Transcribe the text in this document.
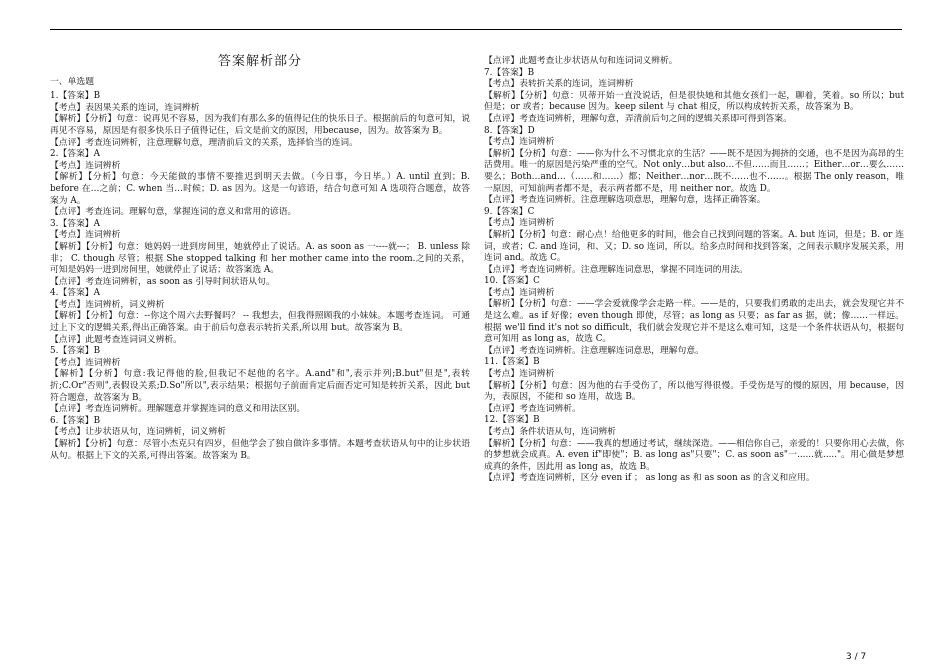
答案解析部分
一、单选题

1.【答案】B

【考点】表因果关系的连词，连词辨析

【解析】【分析】句意：说再见不容易，因为我们有那么多的值得记住的快乐日子。根据前后的句意可知，说再见不容易，原因是有很多快乐日子值得记住，后文是前文的原因，用because，因为。故答案为 B。

【点评】考查连词辨析，注意理解句意，理清前后文的关系，选择恰当的连词。

2.【答案】A

【考点】连词辨析

【解析】【分析】句意：今天能做的事情不要推迟到明天去做。（今日事，今日毕。）A. until 直到；B. before 在…之前；C. when 当…时候；D. as 因为。这是一句谚语，结合句意可知 A 选项符合题意，故答案为 A。

【点评】考查连词。理解句意，掌握连词的意义和常用的谚语。

3.【答案】A

【考点】连词辨析

【解析】【分析】句意：她妈妈一进到房间里，她就停止了说话。A. as soon as 一----就---； B. unless 除非； C. though 尽管；根据 She stopped talking 和 her mother came into the room.之间的关系，可知是妈妈一进到房间里，她就停止了说话；故答案选 A。

【点评】考查连词辨析，as soon as 引导时间状语从句。

4.【答案】A

【考点】连词辨析，词义辨析

【解析】【分析】句意：--你这个周六去野餐吗？ -- 我想去，但我得照顾我的小妹妹。本题考查连词。 可通过上下文的逻辑关系,得出正确答案。由于前后句意表示转折关系,所以用 but。故答案为 B。

【点评】此题考查连词词义辨析。

5.【答案】B

【考点】连词辨析

【解析】【分析】句意:我记得他的脸,但我记不起他的名字。A.and"和",表示并列;B.but"但是",表转折;C.Or"否则",表假设关系;D.So"所以",表示结果；根据句子前面肯定后面否定可知是转折关系，因此 but 符合题意，故答案为 B。

【点评】考查连词辨析。理解题意并掌握连词的意义和用法区别。

6.【答案】B

【考点】让步状语从句，连词辨析，词义辨析

【解析】【分析】句意：尽管小杰克只有四岁，但他学会了独自做许多事情。本题考查状语从句中的让步状语从句。根据上下文的关系,可得出答案。故答案为 B。

【点评】此题考查让步状语从句和连词词义辨析。

7.【答案】B

【考点】表转折关系的连词，连词辨析

【解析】【分析】句意：贝蒂开始一直没说话，但是很快她和其他女孩们一起，聊着，笑着。so 所以；but 但是；or 或者；because 因为。keep silent 与 chat 相反，所以构成转折关系，故答案为 B。

【点评】考查连词辨析，理解句意，弄清前后句之间的逻辑关系即可得到答案。

8.【答案】D

【考点】连词辨析

【解析】【分析】句意：——你为什么不习惯北京的生活？——既不是因为拥挤的交通，也不是因为高昂的生活费用。唯一的原因是污染严重的空气。Not only…but also…不但……而且……；Either…or…要么……要么；Both…and…（……和……）都；Neither…nor…既不……也不……。根据 The only reason，唯一原因，可知前两者都不是，表示两者都不是，用 neither nor。故选 D。

【点评】考查连词辨析。注意理解选项意思，理解句意，选择正确答案。

9.【答案】C

【考点】连词辨析

【解析】【分析】句意：耐心点！给他更多的时间，他会自己找到问题的答案。A. but 连词，但是；B. or 连词，或者；C. and 连词，和、又；D. so 连词，所以。给多点时间和找到答案，之间表示顺序发展关系，用连词 and。故选 C。

【点评】考查连词辨析。注意理解连词意思，掌握不同连词的用法。

10.【答案】C

【考点】连词辨析

【解析】【分析】句意：——学会爱就像学会走路一样。——是的，只要我们勇敢的走出去，就会发现它并不是这么难。as if 好像；even though 即使，尽管；as long as 只要；as far as 据，就；像……一样远。根据 we'll find it's not so difficult，我们就会发现它并不是这么难可知，这是一个条件状语从句，根据句意可知用 as long as，故选 C。

【点评】考查连词辨析。注意理解连词意思，理解句意。

11.【答案】B

【考点】连词辨析

【解析】【分析】句意：因为他的右手受伤了，所以他写得很慢。手受伤是写的慢的原因，用 because，因为，表原因，不能和 so 连用，故选 B。

【点评】考查连词辨析。

12.【答案】B

【考点】条件状语从句，连词辨析

【解析】【分析】句意：——我真的想通过考试，继续深造。——相信你自己，亲爱的！只要你用心去做，你的梦想就会成真。A. even if"即使"；B. as long as"只要"；C. as soon as"一......就....."。用心做是梦想成真的条件，因此用 as long as，故选 B。

【点评】考查连词辨析，区分 even if ； as long as 和 as soon as 的含义和应用。

3 / 7
